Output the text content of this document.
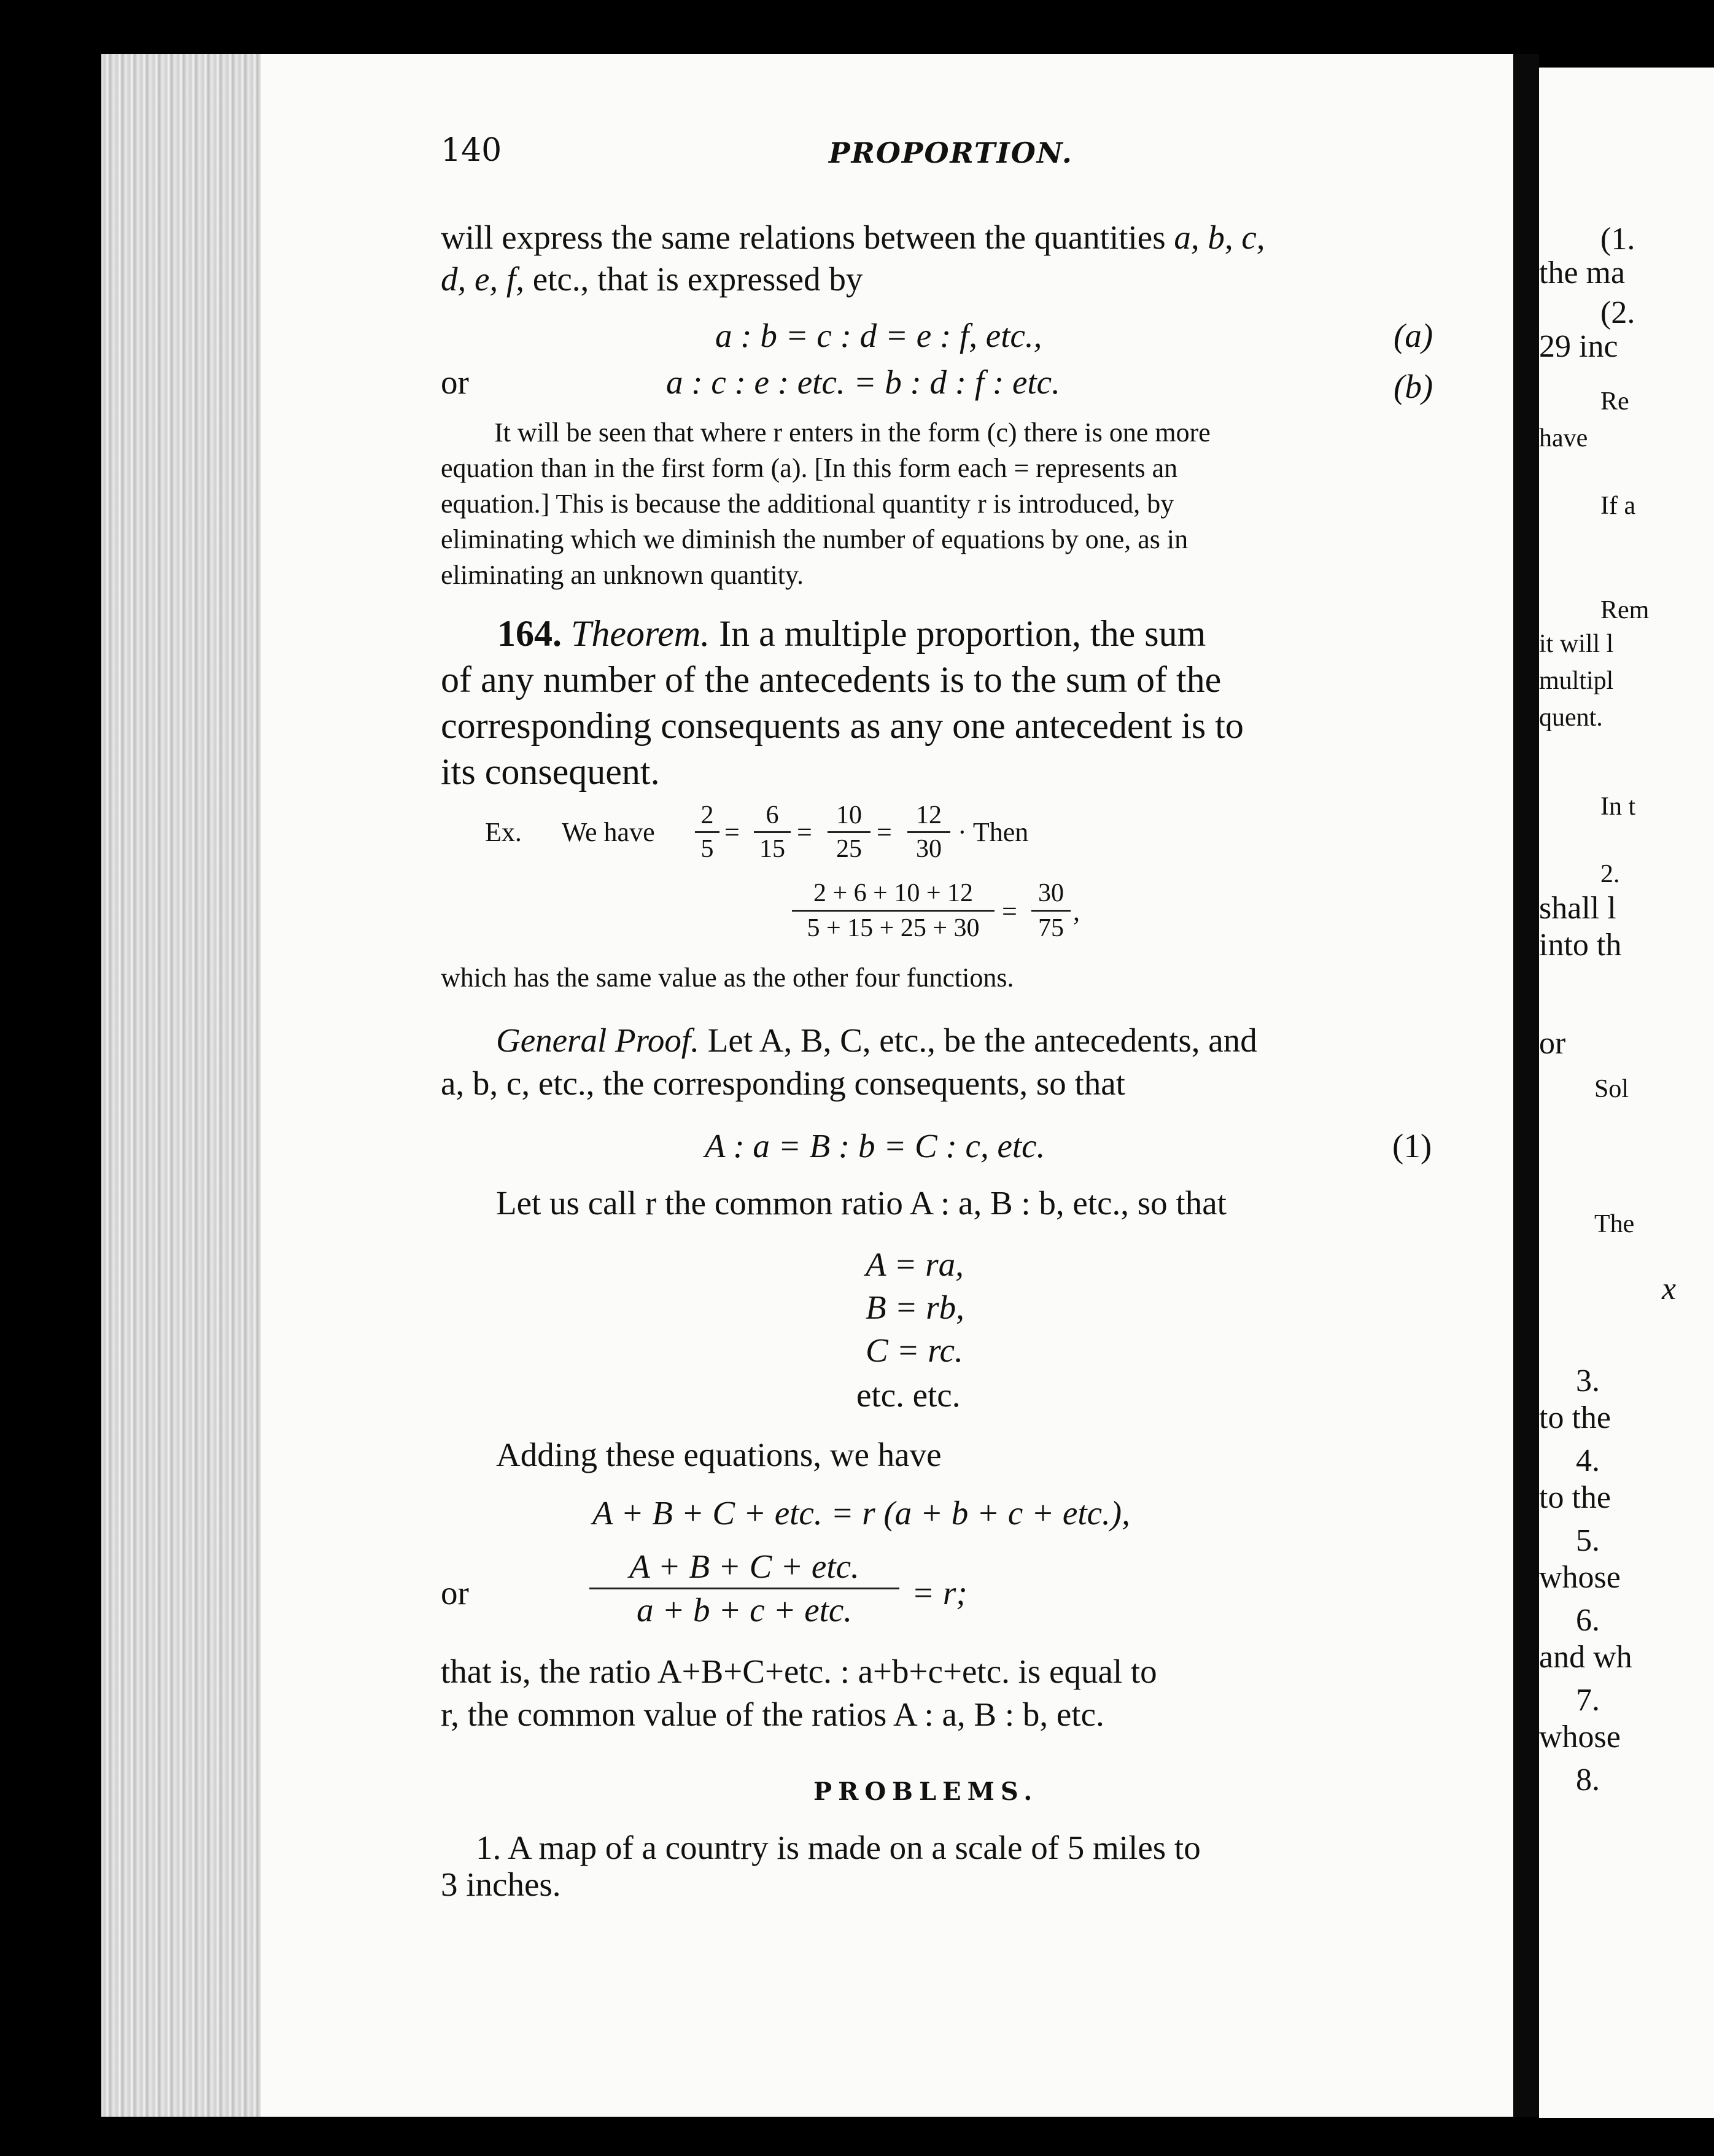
(1.
the ma
(2.
29 inc
Re
have
If a
Rem
it will l
multipl
quent.
In t
2.
shall l
into th
or
Sol
The
x
3.
to the
4.
to the
5.
whose
6.
and wh
7.
whose
8.
140	PROPORTION.
will express the same relations between the quantities a, b, c,
d, e, f, etc., that is expressed by
a : b = c : d = e : f, etc.,	(a)
or	a : c : e : etc. = b : d : f : etc.	(b)
It will be seen that where r enters in the form (c) there is one more
equation than in the first form (a). [In this form each = represents an
equation.] This is because the additional quantity r is introduced, by
eliminating which we diminish the number of equations by one, as in
eliminating an unknown quantity.
164. Theorem. In a multiple proportion, the sum
of any number of the antecedents is to the sum of the
corresponding consequents as any one antecedent is to
its consequent.
Ex. We have $\frac{2}{5} = \frac{6}{15} = \frac{10}{25} = \frac{12}{30}$ · Then
$\frac{2 + 6 + 10 + 12}{5 + 15 + 25 + 30} = \frac{30}{75}$ ,
which has the same value as the other four functions.
General Proof. Let A, B, C, etc., be the antecedents, and
a, b, c, etc., the corresponding consequents, so that
A : a = B : b = C : c, etc.	(1)
Let us call r the common ratio A : a, B : b, etc., so that
A = ra,
B = rb,
C = rc.
etc. etc.
Adding these equations, we have
A + B + C + etc. = r (a + b + c + etc.),
or
A + B + C + etc.
a + b + c + etc.	= r;
that is, the ratio A+B+C+etc. : a+b+c+etc. is equal to
r, the common value of the ratios A : a, B : b, etc.
PROBLEMS.
1. A map of a country is made on a scale of 5 miles to
3 inches.
